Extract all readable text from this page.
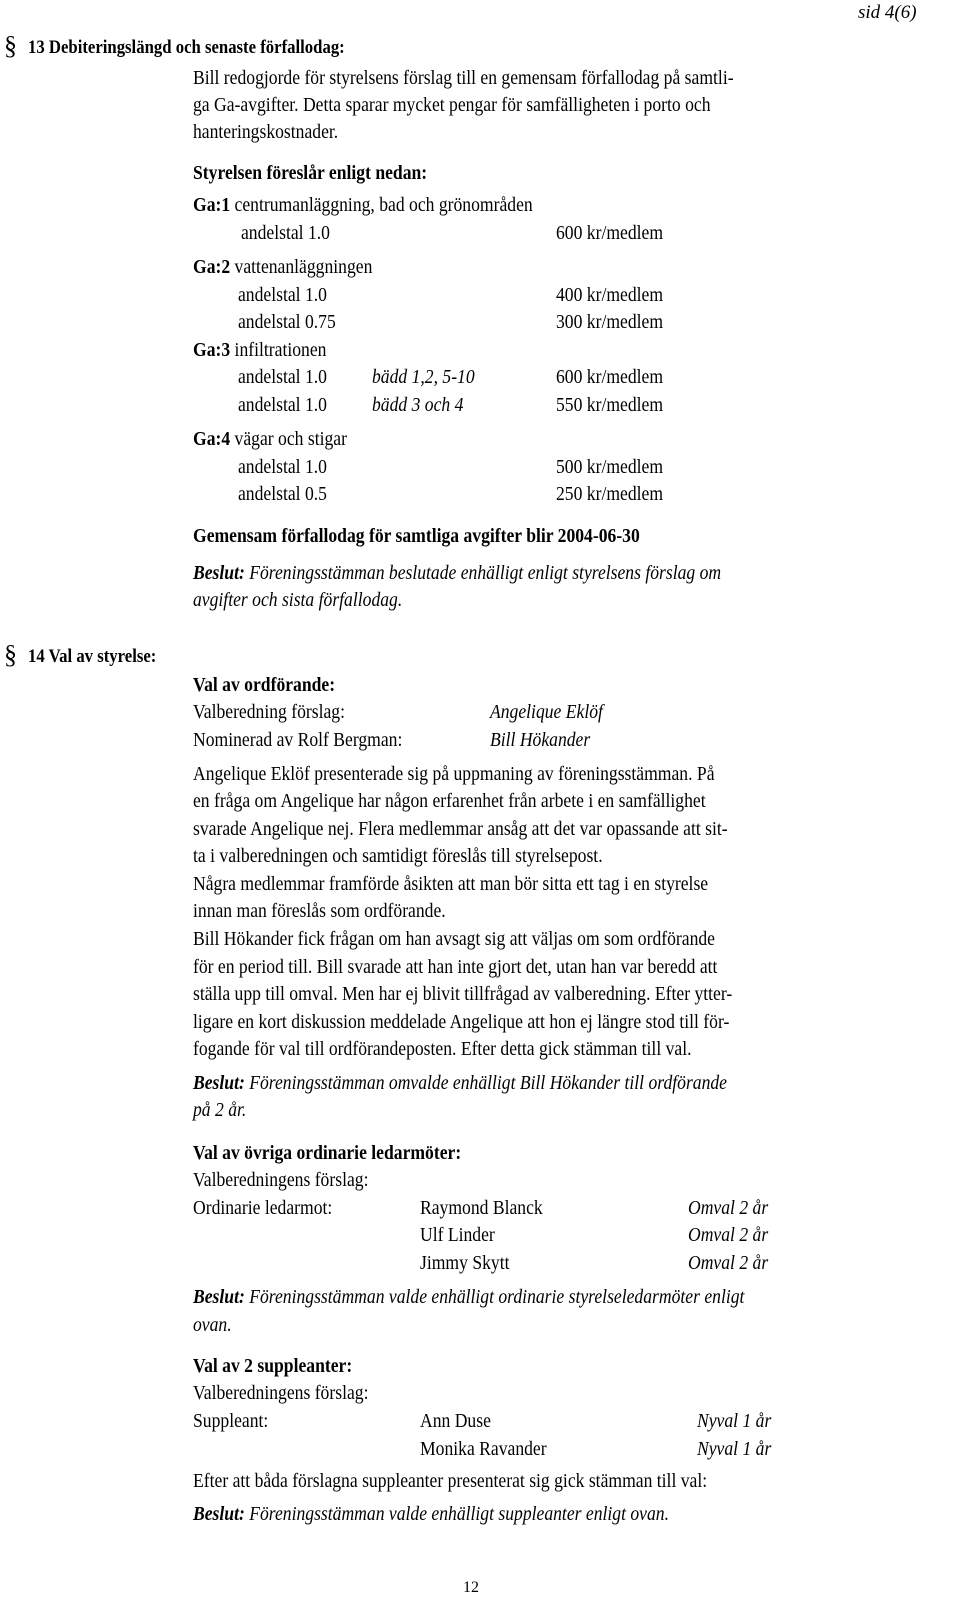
sid 4(6)
§ 13 Debiteringslängd och senaste förfallodag:
Bill redogjorde för styrelsens förslag till en gemensam förfallodag på samtli-
ga Ga-avgifter. Detta sparar mycket pengar för samfälligheten i porto och
hanteringskostnader.
Styrelsen föreslår enligt nedan:
Ga:1 centrumanläggning, bad och grönområden
andelstal 1.0	600 kr/medlem
Ga:2 vattenanläggningen
andelstal 1.0	400 kr/medlem
andelstal 0.75	300 kr/medlem
Ga:3 infiltrationen
andelstal 1.0 bädd 1,2, 5-10	600 kr/medlem
andelstal 1.0 bädd 3 och 4	550 kr/medlem
Ga:4 vägar och stigar
andelstal 1.0	500 kr/medlem
andelstal 0.5	250 kr/medlem
Gemensam förfallodag för samtliga avgifter blir 2004-06-30
Beslut: Föreningsstämman beslutade enhälligt enligt styrelsens förslag om
avgifter och sista förfallodag.
§ 14 Val av styrelse:
Val av ordförande:
Valberedning förslag:	Angelique Eklöf
Nominerad av Rolf Bergman:	Bill Hökander
Angelique Eklöf presenterade sig på uppmaning av föreningsstämman. På
en fråga om Angelique har någon erfarenhet från arbete i en samfällighet
svarade Angelique nej. Flera medlemmar ansåg att det var opassande att sit-
ta i valberedningen och samtidigt föreslås till styrelsepost.
Några medlemmar framförde åsikten att man bör sitta ett tag i en styrelse
innan man föreslås som ordförande.
Bill Hökander fick frågan om han avsagt sig att väljas om som ordförande
för en period till. Bill svarade att han inte gjort det, utan han var beredd att
ställa upp till omval. Men har ej blivit tillfrågad av valberedning. Efter ytter-
ligare en kort diskussion meddelade Angelique att hon ej längre stod till för-
fogande för val till ordförandeposten. Efter detta gick stämman till val.
Beslut: Föreningsstämman omvalde enhälligt Bill Hökander till ordförande
på 2 år.
Val av övriga ordinarie ledarmöter:
Valberedningens förslag:
Ordinarie ledarmot:	Raymond Blanck	Omval 2 år
Ulf Linder	Omval 2 år
Jimmy Skytt	Omval 2 år
Beslut: Föreningsstämman valde enhälligt ordinarie styrelseledarmöter enligt
ovan.
Val av 2 suppleanter:
Valberedningens förslag:
Suppleant:	Ann Duse	Nyval 1 år
Monika Ravander	Nyval 1 år
Efter att båda förslagna suppleanter presenterat sig gick stämman till val:
Beslut: Föreningsstämman valde enhälligt suppleanter enligt ovan.
12
